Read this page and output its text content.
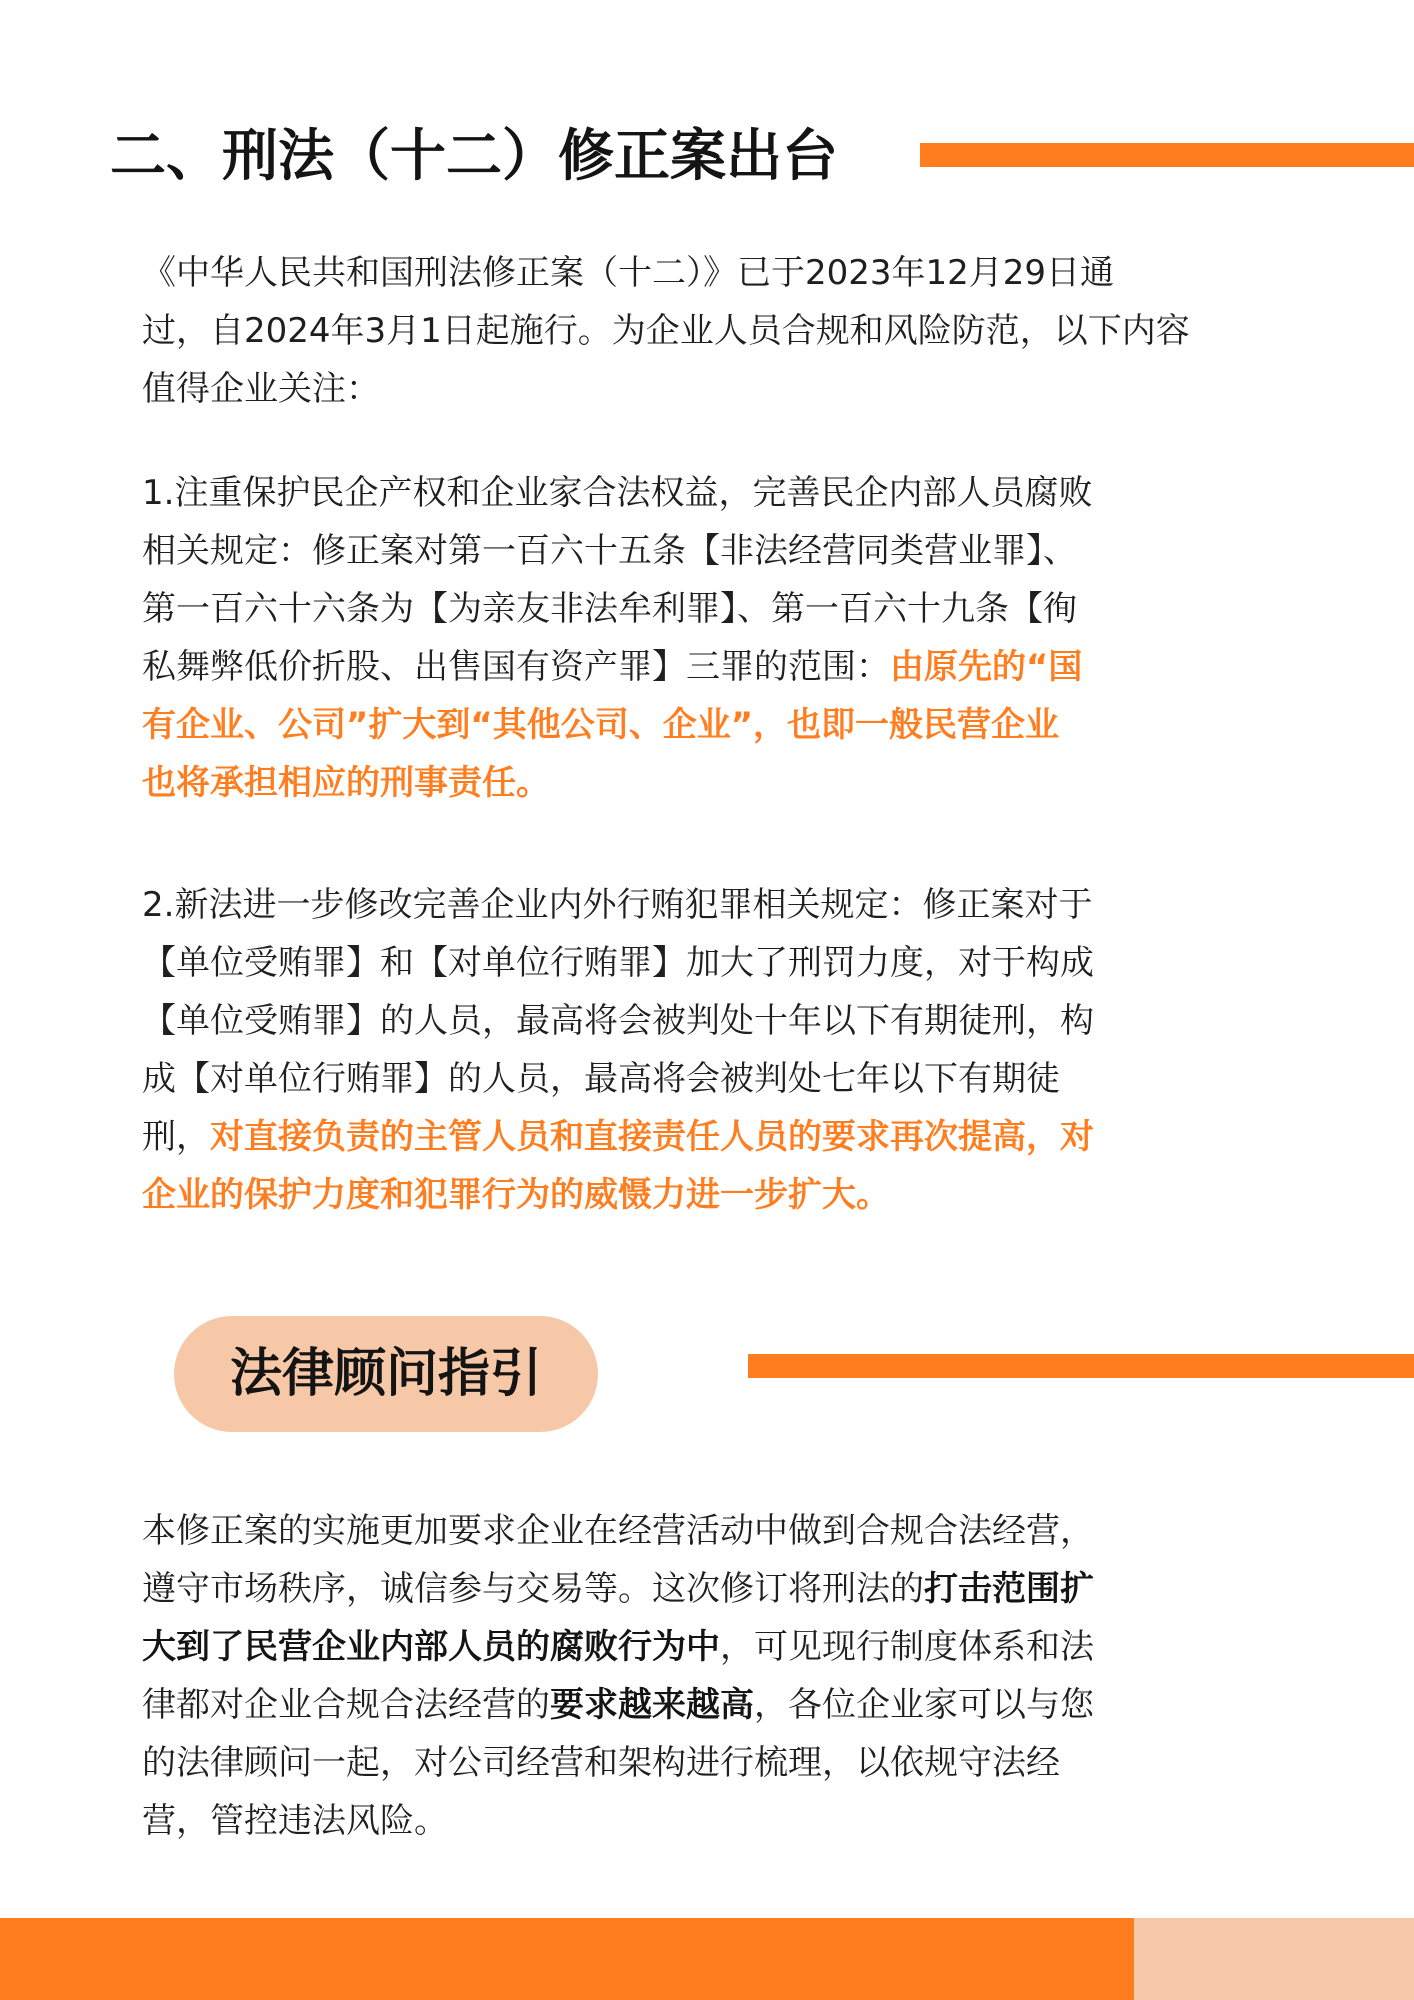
二、刑法（十二）修正案出台
《中华人民共和国刑法修正案（十二）》已于2023年12月29日通
过，自2024年3月1日起施行。为企业人员合规和风险防范，以下内容
值得企业关注：
1.注重保护民企产权和企业家合法权益，完善民企内部人员腐败
相关规定：修正案对第一百六十五条【非法经营同类营业罪】、
第一百六十六条为【为亲友非法牟利罪】、第一百六十九条【徇
私舞弊低价折股、出售国有资产罪】三罪的范围：由原先的“国
有企业、公司”扩大到“其他公司、企业”，也即一般民营企业
也将承担相应的刑事责任。
2.新法进一步修改完善企业内外行贿犯罪相关规定：修正案对于
【单位受贿罪】和【对单位行贿罪】加大了刑罚力度，对于构成
【单位受贿罪】的人员，最高将会被判处十年以下有期徒刑，构
成【对单位行贿罪】的人员，最高将会被判处七年以下有期徒
刑，对直接负责的主管人员和直接责任人员的要求再次提高，对
企业的保护力度和犯罪行为的威慑力进一步扩大。
法律顾问指引
本修正案的实施更加要求企业在经营活动中做到合规合法经营，
遵守市场秩序，诚信参与交易等。这次修订将刑法的打击范围扩
大到了民营企业内部人员的腐败行为中，可见现行制度体系和法
律都对企业合规合法经营的要求越来越高，各位企业家可以与您
的法律顾问一起，对公司经营和架构进行梳理，以依规守法经
营，管控违法风险。
